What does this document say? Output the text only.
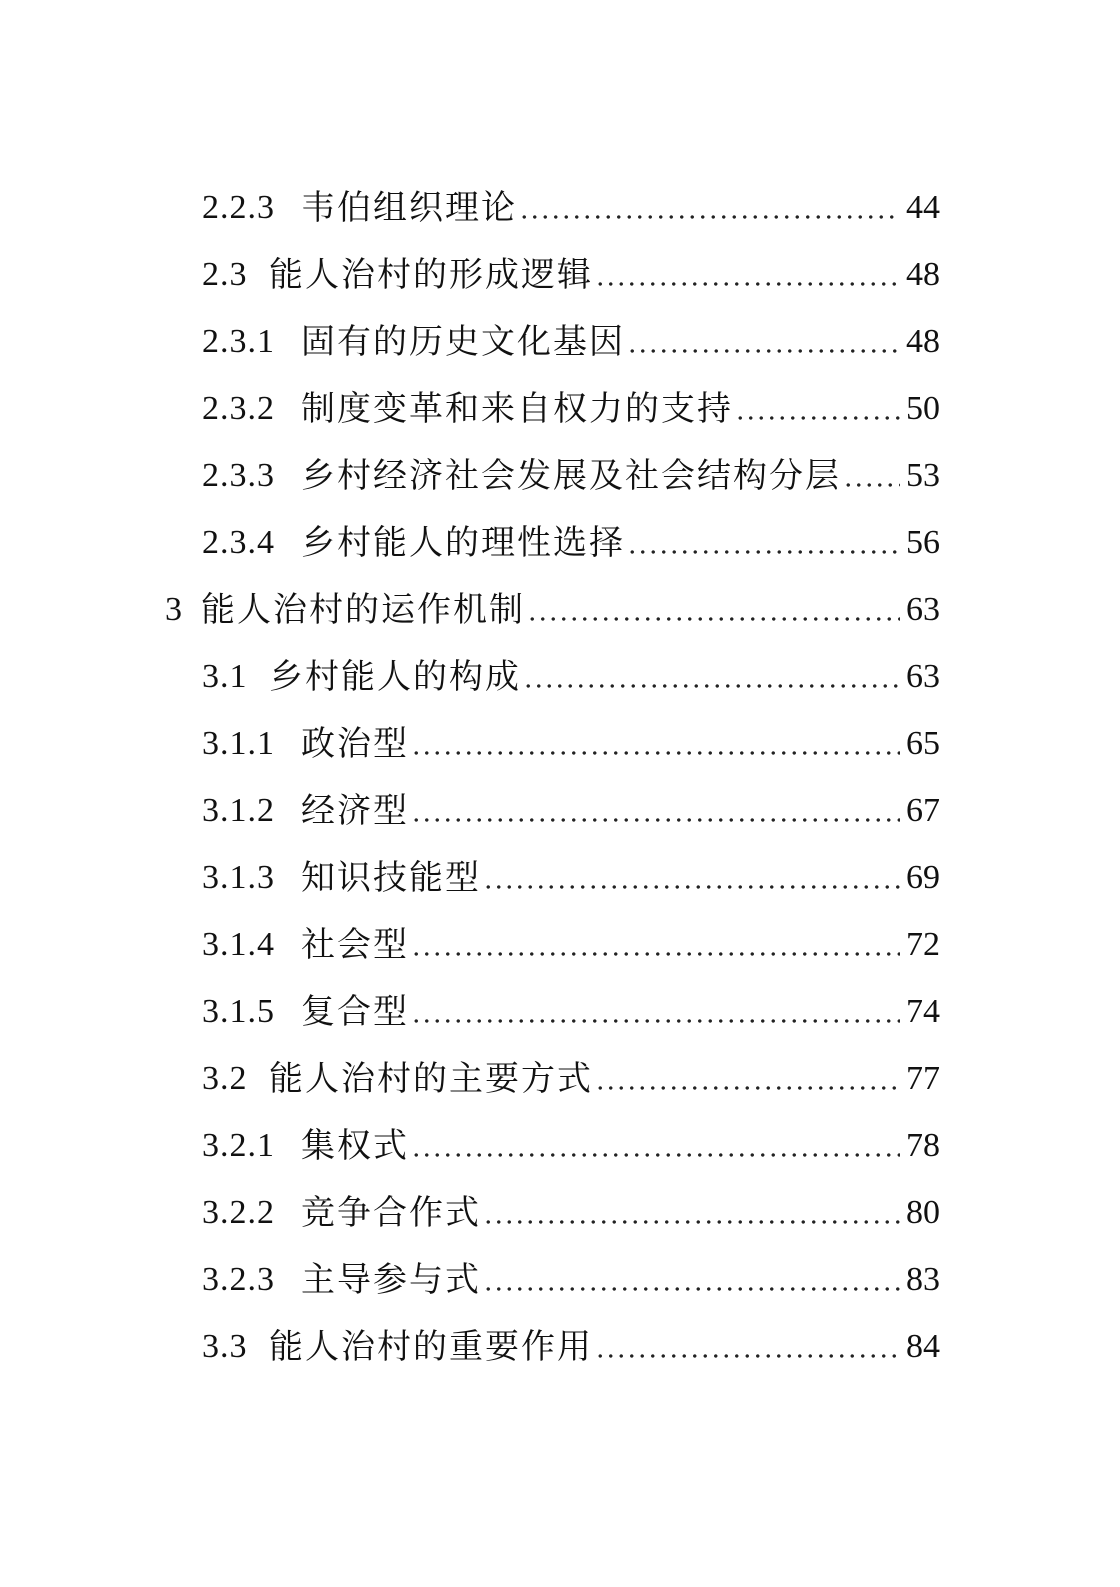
2.2.3 韦伯组织理论	44
2.3 能人治村的形成逻辑	48
2.3.1 固有的历史文化基因	48
2.3.2 制度变革和来自权力的支持	50
2.3.3 乡村经济社会发展及社会结构分层 53
2.3.4 乡村能人的理性选择	56
3 能人治村的运作机制	63
3.1 乡村能人的构成	63
3.1.1 政治型	65
3.1.2 经济型	67
3.1.3 知识技能型	69
3.1.4 社会型	72
3.1.5 复合型	74
3.2 能人治村的主要方式	77
3.2.1 集权式	78
3.2.2 竞争合作式	80
3.2.3 主导参与式	83
3.3 能人治村的重要作用	84
